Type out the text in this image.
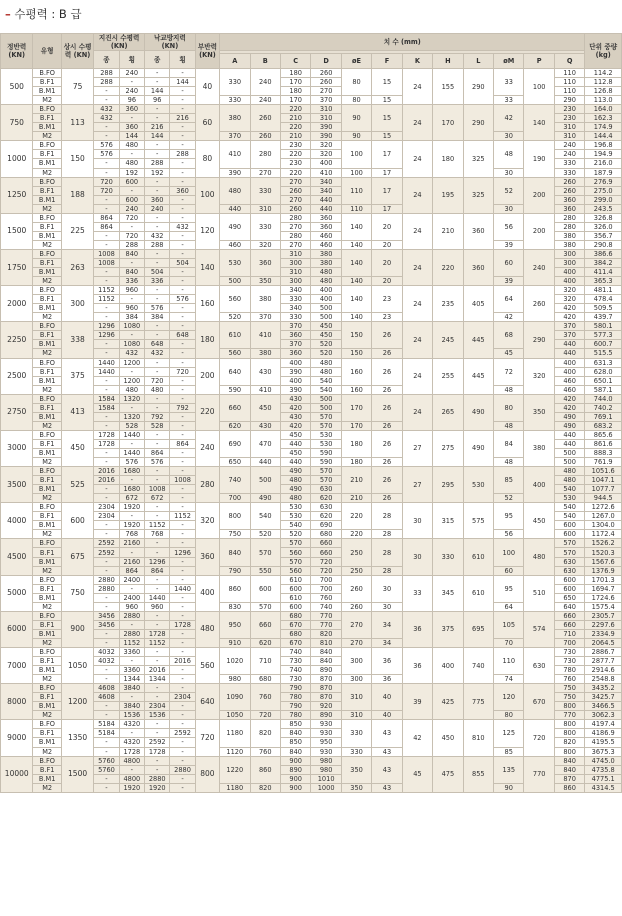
– 수평력 : B 급
정반력 (KN)	유형	상시 수평력 (KN)	지진시 수평력 (KN)		낙교방지력 (KN)		부반력 (KN)	치 수 (mm)												단위 중량 (kg)
			종	횡	종	횡														
								A	B	C	D	øE	F	K	H	L	øM	P	Q	
500	B.FO	75	288	240	-	-	40	330	240	180	260	80	15	24	155	290	33	100	110	114.2
	B.F1		288	-	-	144				170	260								110	112.8
	B.M1		-	240	144	-				180	270								110	126.8
	M2		-	96	96	-		330	240	170	370	80	15				33		290	113.0
750	B.FO	113	432	360	-	-	60	380	260	220	310	90	15	24	170	290	42	140	230	164.0
	B.F1		432	-	-	216				210	310								230	162.3
	B.M1		-	360	216	-				220	390								310	174.9
	M2		-	144	144	-		370	260	210	390	90	15				30		310	144.4
1000	B.FO	150	576	480	-	-	80	410	280	230	320	100	17	24	180	325	48	190	240	196.8
	B.F1		576	-	-	288				220	320								240	194.9
	B.M1		-	480	288	-				230	400								330	216.0
	M2		-	192	192	-		390	270	220	410	100	17				30		330	187.9
1250	B.FO	188	720	600	-	-	100	480	330	270	340	110	17	24	195	325	52	200	260	276.9
	B.F1		720	-	-	360				260	340								260	275.0
	B.M1		-	600	360	-				270	440								360	299.0
	M2		-	240	240	-		440	310	260	440	110	17				30		360	243.5
1500	B.FO	225	864	720	-	-	120	490	330	280	360	140	20	24	210	360	56	200	280	326.8
	B.F1		864	-	-	432				270	360								280	326.0
	B.M1		-	720	432	-				280	460								380	356.7
	M2		-	288	288	-		460	320	270	460	140	20				39		380	290.8
1750	B.FO	263	1008	840	-	-	140	530	360	310	380	140	20	24	220	360	60	240	300	386.6
	B.F1		1008	-	-	504				300	380								300	384.2
	B.M1		-	840	504	-				310	480								400	411.4
	M2		-	336	336	-		500	350	300	480	140	20				39		400	365.3
2000	B.FO	300	1152	960	-	-	160	560	380	340	400	140	23	24	235	405	64	260	320	481.1
	B.F1		1152	-	-	576				330	400								320	478.4
	B.M1		-	960	576	-				340	500								420	509.5
	M2		-	384	384	-		520	370	330	500	140	23				42		420	439.7
2250	B.FO	338	1296	1080	-	-	180	610	410	370	450	150	26	24	245	445	68	290	370	580.1
	B.F1		1296	-	-	648				360	450								370	577.3
	B.M1		-	1080	648	-				370	520								440	600.7
	M2		-	432	432	-		560	380	360	520	150	26				45		440	515.5
2500	B.FO	375	1440	1200	-	-	200	640	430	400	480	160	26	24	255	445	72	320	400	631.3
	B.F1		1440	-	-	720				390	480								400	628.0
	B.M1		-	1200	720	-				400	540								460	650.1
	M2		-	480	480	-		590	410	390	540	160	26				48		460	587.1
2750	B.FO	413	1584	1320	-	-	220	660	450	430	500	170	26	24	265	490	80	350	420	744.0
	B.F1		1584	-	-	792				420	500								420	740.2
	B.M1		-	1320	792	-				430	570								490	769.1
	M2		-	528	528	-		620	430	420	570	170	26				48		490	683.2
3000	B.FO	450	1728	1440	-	-	240	690	470	450	530	180	26	27	275	490	84	380	440	865.6
	B.F1		1728	-	-	864				440	530								440	861.6
	B.M1		-	1440	864	-				450	590								500	888.3
	M2		-	576	576	-		650	440	440	590	180	26				48		500	761.9
3500	B.FO	525	2016	1680	-	-	280	740	500	490	570	210	26	27	295	530	85	400	480	1051.6
	B.F1		2016	-	-	1008				480	570								480	1047.1
	B.M1		-	1680	1008	-				490	630								540	1077.7
	M2		-	672	672	-		700	490	480	620	210	26				52		530	944.5
4000	B.FO	600	2304	1920	-	-	320	800	540	530	630	220	28	30	315	575	95	450	540	1272.6
	B.F1		2304	-	-	1152				530	620								540	1267.0
	B.M1		-	1920	1152	-				540	690								600	1304.0
	M2		-	768	768	-		750	520	520	680	220	28				56		600	1172.4
4500	B.FO	675	2592	2160	-	-	360	840	570	570	660	250	28	30	330	610	100	480	570	1526.2
	B.F1		2592	-	-	1296				560	660								570	1520.3
	B.M1		-	2160	1296	-				570	720								630	1567.6
	M2		-	864	864	-		790	550	560	720	250	28				60		630	1376.9
5000	B.FO	750	2880	2400	-	-	400	860	600	610	700	260	30	33	345	610	95	510	600	1701.3
	B.F1		2880	-	-	1440				600	700								600	1694.7
	B.M1		-	2400	1440	-				610	760								650	1724.6
	M2		-	960	960	-		830	570	600	740	260	30				64		640	1575.4
6000	B.FO	900	3456	2880	-	-	480	950	660	680	770	270	34	36	375	695	105	574	660	2305.7
	B.F1		3456	-	-	1728				670	770								660	2297.6
	B.M1		-	2880	1728	-				680	820								710	2334.9
	M2		-	1152	1152	-		910	620	670	810	270	34				70		700	2064.5
7000	B.FO	1050	4032	3360	-	-	560	1020	710	740	840	300	36	36	400	740	110	630	730	2886.7
	B.F1		4032	-	-	2016				730	840								730	2877.7
	B.M1		-	3360	2016	-				740	890								780	2914.6
	M2		-	1344	1344	-		980	680	730	870	300	36				74		760	2548.8
8000	B.FO	1200	4608	3840	-	-	640	1090	760	790	870	310	40	39	425	775	120	670	750	3435.2
	B.F1		4608	-	-	2304				780	870								750	3425.7
	B.M1		-	3840	2304	-				790	920								800	3466.5
	M2		-	1536	1536	-		1050	720	780	890	310	40				80		770	3062.3
9000	B.FO	1350	5184	4320	-	-	720	1180	820	850	930	330	43	42	450	810	125	720	800	4197.4
	B.F1		5184	-	-	2592				840	930								800	4186.9
	B.M1		-	4320	2592	-				850	950								820	4195.5
	M2		-	1728	1728	-		1120	760	840	930	330	43				85		800	3675.3
10000	B.FO	1500	5760	4800	-	-	800	1220	860	900	980	350	43	45	475	855	135	770	840	4745.0
	B.F1		5760	-	-	2880				890	980								840	4735.8
	B.M1		-	4800	2880	-				900	1010								870	4775.1
	M2		-	1920	1920	-		1180	820	900	1000	350	43				90		860	4314.5
